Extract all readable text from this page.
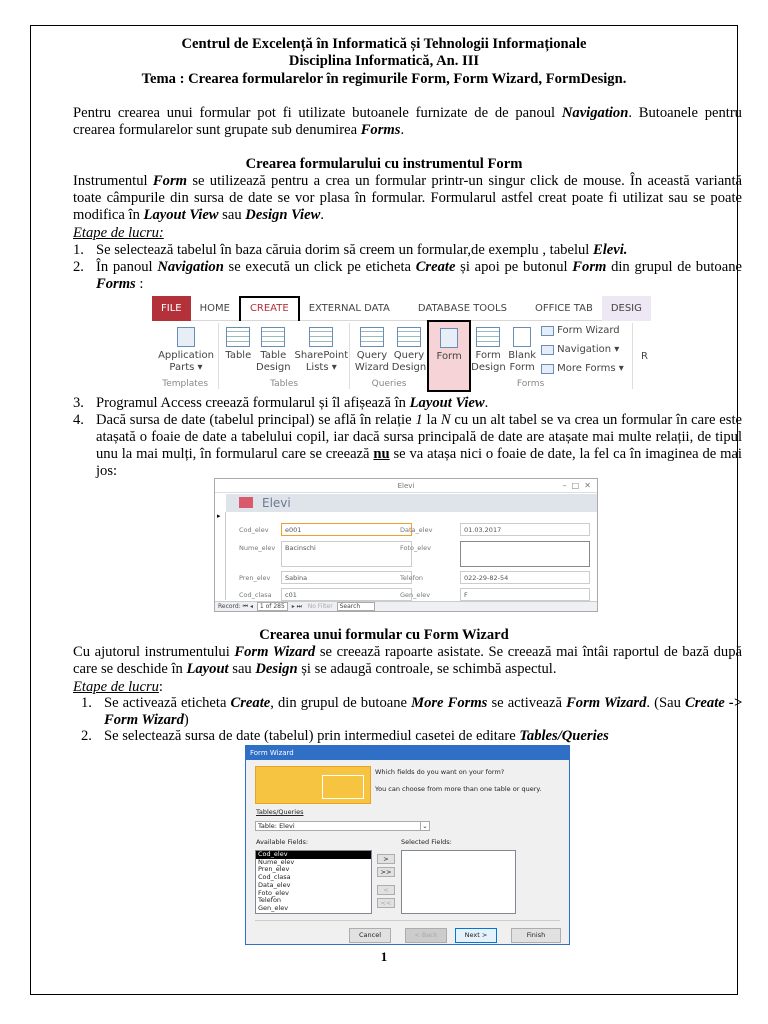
Centrul de Excelență în Informatică și Tehnologii Informaționale
Disciplina Informatică, An. III
Tema : Crearea formularelor în regimurile Form, Form Wizard, FormDesign.
Pentru crearea unui formular pot fi utilizate butoanele furnizate de de panoul Navigation. Butoanele pentru crearea formularelor sunt grupate sub denumirea Forms.
Crearea formularului cu instrumentul Form
Instrumentul Form se utilizează pentru a crea un formular printr-un singur click de mouse. În această variantă toate câmpurile din sursa de date se vor plasa în formular. Formularul astfel creat poate fi utilizat sau se poate modifica în Layout View sau Design View.
Etape de lucru:
1. Se selectează tabelul în baza căruia dorim să creem un formular,de exemplu , tabelul Elevi.
2. În panoul Navigation se execută un click pe eticheta Create și apoi pe butonul Form din grupul de butoane Forms :
FILE	HOME	CREATE	EXTERNAL DATA	DATABASE TOOLS	OFFICE TAB	DESIG
Application
Parts ▾
Templates
Table Table
Design
SharePoint
Lists ▾
Tables
Query
Wizard
Query
Design
Queries
Form	Form
Design
Blank
Form
Form Wizard
Navigation ▾
More Forms ▾
Forms
R
3. Programul Access creează formularul și îl afișează în Layout View.
4. Dacă sursa de date (tabelul principal) se află în relație 1 la N cu un alt tabel se va crea un formular în care este atașată o foaie de date a tabelului copil, iar dacă sursa principală de date are atașate mai multe relații, de tipul unu la mai mulți, în formularul care se creează nu se va atașa nici o foaie de date, la fel ca în imaginea de mai jos:
Elevi	–  □  ✕
Elevi
▸
Cod_elev	e001
Nume_elev	Bacinschi
Pren_elev	Sabina
Cod_clasa	c01
Data_elev	01.03.2017
Foto_elev
Telefon	022-29-82-54
Gen_elev	F
Record: ⏮ ◂ 1 of 285 ▸ ⏭   No Filter Search
Crearea unui formular cu Form Wizard
Cu ajutorul instrumentului Form Wizard se creează rapoarte asistate. Se creează mai întâi raportul de bază după care se deschide în Layout sau Design și se adaugă controale, se schimbă aspectul.
Etape de lucru:
1. Se activează eticheta Create, din grupul de butoane More Forms se activează Form Wizard. (Sau Create -> Form Wizard)
2. Se selectează sursa de date (tabelul) prin intermediul casetei de editare Tables/Queries
Form Wizard
Which fields do you want on your form?
You can choose from more than one table or query.
Tables/Queries
Table: Elevi	⌄
Available Fields:	Selected Fields:
Cod_elev
Nume_elev
Pren_elev
Cod_clasa
Data_elev
Foto_elev
Telefon
Gen_elev
>
>>
<
<<
Cancel	< Back	Next >	Finish
1
